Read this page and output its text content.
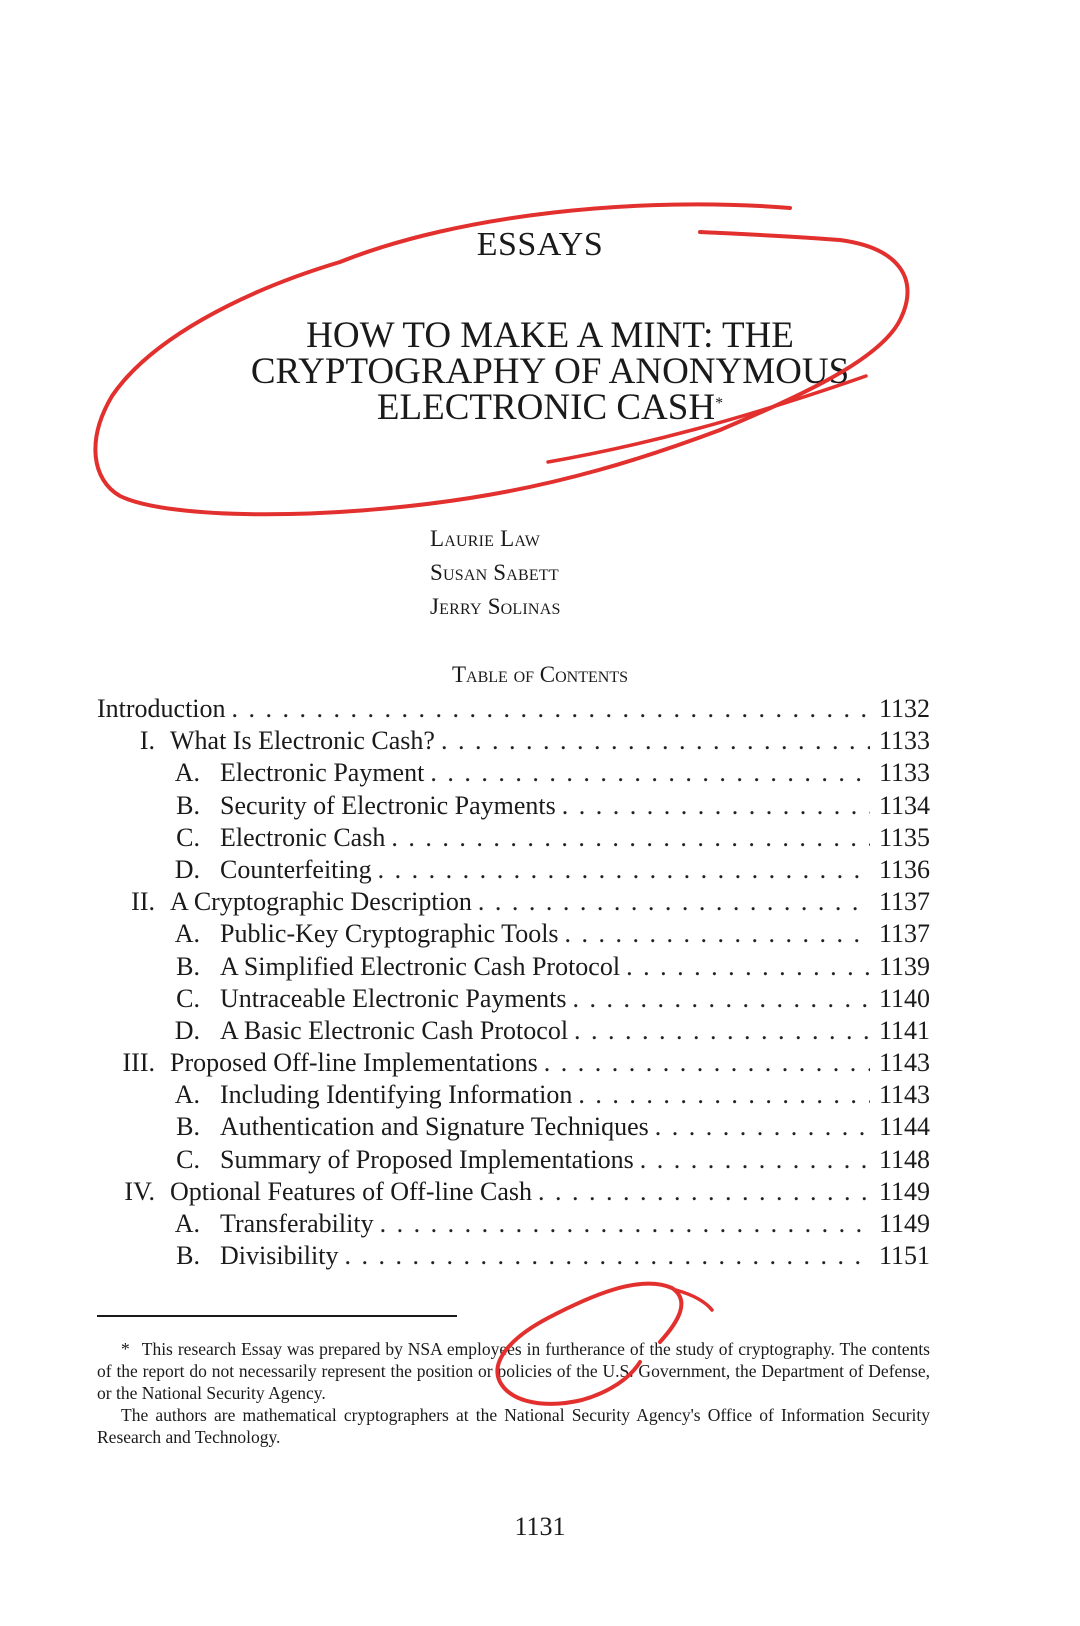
ESSAYS
HOW TO MAKE A MINT: THE
CRYPTOGRAPHY OF ANONYMOUS
ELECTRONIC CASH*
Laurie Law
Susan Sabett
Jerry Solinas
Table of Contents
Introduction . . .	1132
I. What Is Electronic Cash? . . .	1133
A. Electronic Payment . . .	1133
B. Security of Electronic Payments . . .	1134
C. Electronic Cash . . .	1135
D. Counterfeiting . . .	1136
II. A Cryptographic Description . . .	1137
A. Public-Key Cryptographic Tools . . .	1137
B. A Simplified Electronic Cash Protocol . . .	1139
C. Untraceable Electronic Payments . . .	1140
D. A Basic Electronic Cash Protocol . . .	1141
III. Proposed Off-line Implementations . . .	1143
A. Including Identifying Information . . .	1143
B. Authentication and Signature Techniques . . .	1144
C. Summary of Proposed Implementations . . .	1148
IV. Optional Features of Off-line Cash . . .	1149
A. Transferability . . .	1149
B. Divisibility . . .	1151

* This research Essay was prepared by NSA employees in furtherance of the study of cryptography. The contents of the report do not necessarily represent the position or policies of the U.S. Government, the Department of Defense, or the National Security Agency.

The authors are mathematical cryptographers at the National Security Agency's Office of Information Security Research and Technology.

1131
